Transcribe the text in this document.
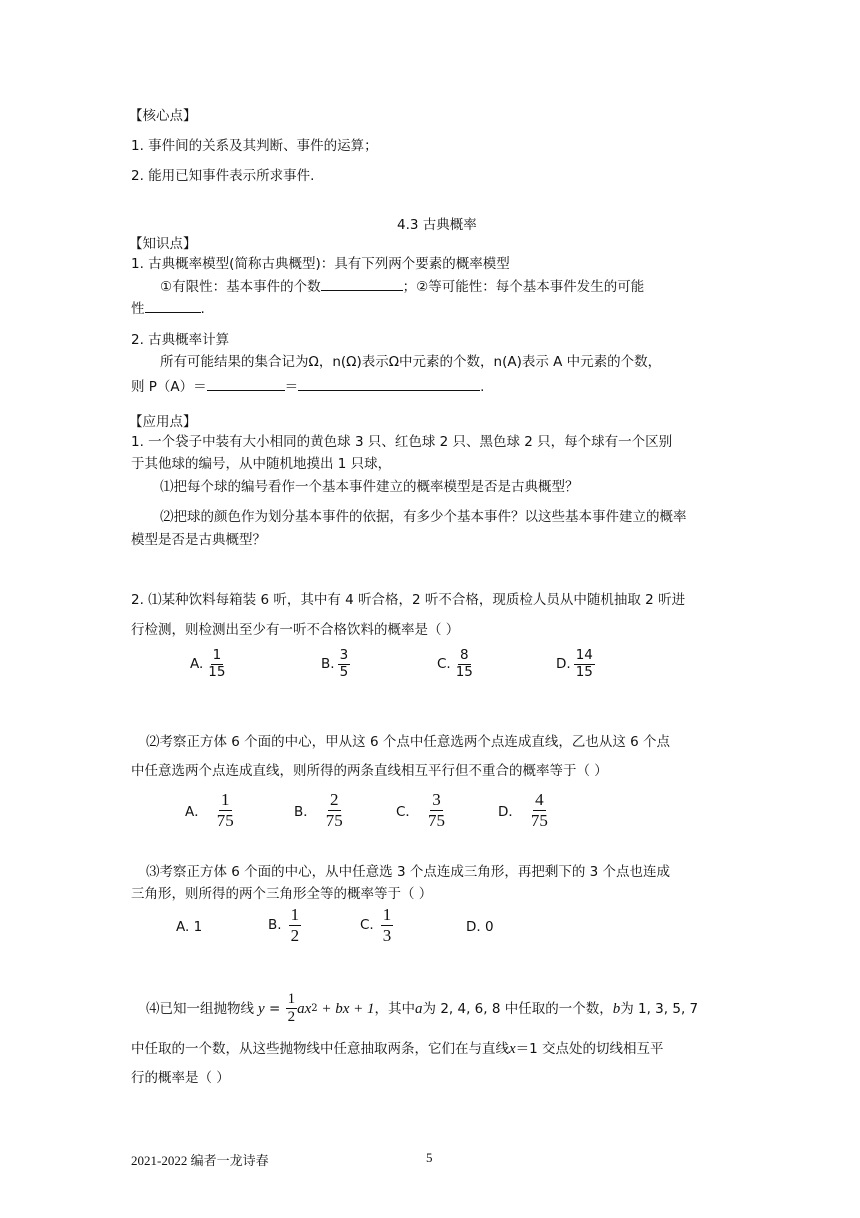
【核心点】
1. 事件间的关系及其判断、事件的运算；
2. 能用已知事件表示所求事件.
4.3 古典概率
【知识点】
1. 古典概率模型(简称古典概型)：具有下列两个要素的概率模型
①有限性：基本事件的个数	；②等可能性：每个基本事件发生的可能
性	.
2. 古典概率计算
所有可能结果的集合记为Ω，n(Ω)表示Ω中元素的个数，n(A)表示 A 中元素的个数，
则 P（A）＝	＝	.
【应用点】
1. 一个袋子中装有大小相同的黄色球 3 只、红色球 2 只、黑色球 2 只，每个球有一个区别
于其他球的编号，从中随机地摸出 1 只球，
⑴把每个球的编号看作一个基本事件建立的概率模型是否是古典概型？
⑵把球的颜色作为划分基本事件的依据，有多少个基本事件？以这些基本事件建立的概率
模型是否是古典概型？
2. ⑴某种饮料每箱装 6 听，其中有 4 听合格，2 听不合格，现质检人员从中随机抽取 2 听进
行检测，则检测出至少有一听不合格饮料的概率是（ ）
A. $\frac{1}{15}$	B. $\frac{3}{5}$	C. $\frac{8}{15}$	D. $\frac{14}{15}$
⑵考察正方体 6 个面的中心，甲从这 6 个点中任意选两个点连成直线，乙也从这 6 个点
中任意选两个点连成直线，则所得的两条直线相互平行但不重合的概率等于（ ）
A． $\frac{1}{75}$	B． $\frac{2}{75}$	C． $\frac{3}{75}$	D． $\frac{4}{75}$
⑶考察正方体 6 个面的中心，从中任意选 3 个点连成三角形，再把剩下的 3 个点也连成
三角形，则所得的两个三角形全等的概率等于（ ）
A. 1	B. $\frac{1}{2}$	C. $\frac{1}{3}$	D. 0
⑷已知一组抛物线 $y = \frac{1}{2}$ ax 2 + bx + 1 ，其中 a 为 2, 4, 6, 8 中任取的一个数， b 为 1, 3, 5, 7
中任取的一个数，从这些抛物线中任意抽取两条，它们在与直线x＝1 交点处的切线相互平
行的概率是（ ）
2021-2022 编者一龙诗春	5
